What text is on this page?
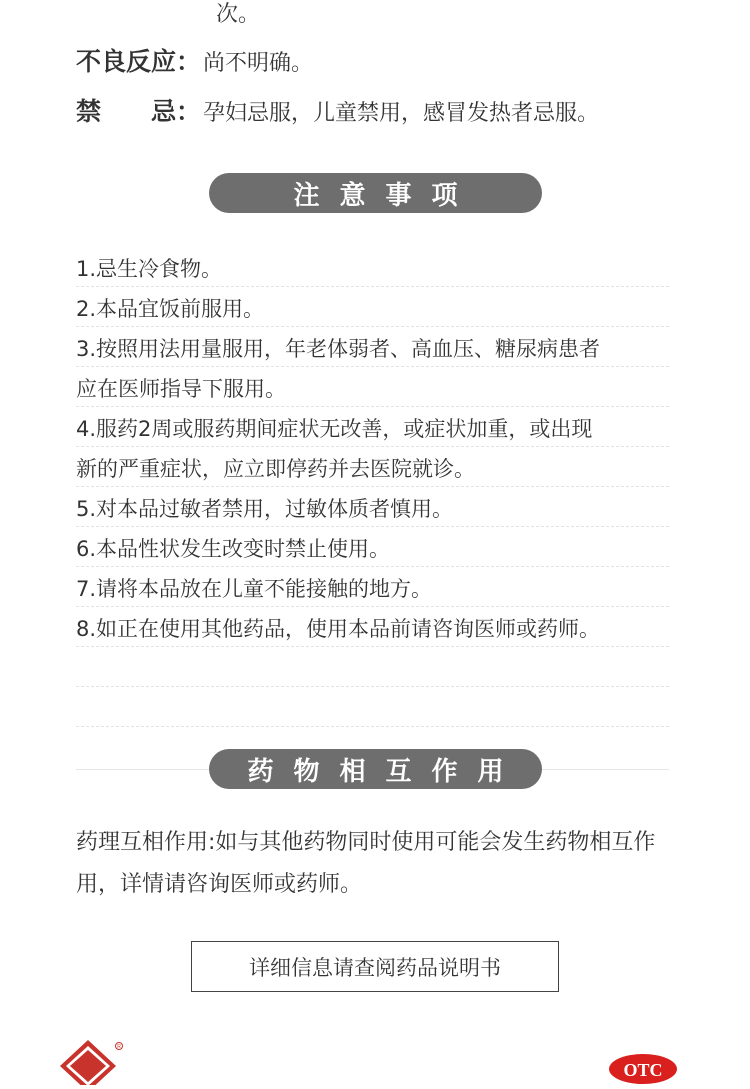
次。
不良反应：尚不明确。
禁　　忌：孕妇忌服，儿童禁用，感冒发热者忌服。
注意事项
1.忌生冷食物。
2.本品宜饭前服用。
3.按照用法用量服用，年老体弱者、高血压、糖尿病患者
应在医师指导下服用。
4.服药2周或服药期间症状无改善，或症状加重，或出现
新的严重症状，应立即停药并去医院就诊。
5.对本品过敏者禁用，过敏体质者慎用。
6.本品性状发生改变时禁止使用。
7.请将本品放在儿童不能接触的地方。
8.如正在使用其他药品，使用本品前请咨询医师或药师。
药物相互作用
药理互相作用:如与其他药物同时使用可能会发生药物相互作用，详情请咨询医师或药师。
详细信息请查阅药品说明书
R
OTC
